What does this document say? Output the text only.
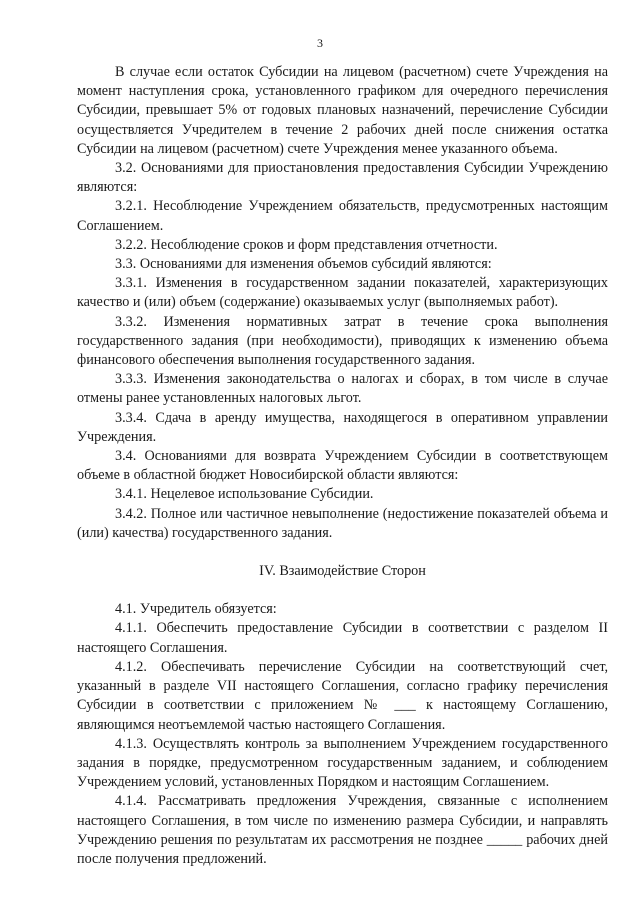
3

В случае если остаток Субсидии на лицевом (расчетном) счете Учреждения на момент наступления срока, установленного графиком для очередного перечисления Субсидии, превышает 5% от годовых плановых назначений, перечисление Субсидии осуществляется Учредителем в течение 2 рабочих дней после снижения остатка Субсидии на лицевом (расчетном) счете Учреждения менее указанного объема.

3.2. Основаниями для приостановления предоставления Субсидии Учреждению являются:

3.2.1. Несоблюдение Учреждением обязательств, предусмотренных настоящим Соглашением.

3.2.2. Несоблюдение сроков и форм представления отчетности.

3.3. Основаниями для изменения объемов субсидий являются:

3.3.1. Изменения в государственном задании показателей, характеризующих качество и (или) объем (содержание) оказываемых услуг (выполняемых работ).

3.3.2. Изменения нормативных затрат в течение срока выполнения государственного задания (при необходимости), приводящих к изменению объема финансового обеспечения выполнения государственного задания.

3.3.3. Изменения законодательства о налогах и сборах, в том числе в случае отмены ранее установленных налоговых льгот.

3.3.4. Сдача в аренду имущества, находящегося в оперативном управлении Учреждения.

3.4. Основаниями для возврата Учреждением Субсидии в соответствующем объеме в областной бюджет Новосибирской области являются:

3.4.1. Нецелевое использование Субсидии.

3.4.2. Полное или частичное невыполнение (недостижение показателей объема и (или) качества) государственного задания.

IV. Взаимодействие Сторон

4.1. Учредитель обязуется:

4.1.1. Обеспечить предоставление Субсидии в соответствии с разделом II настоящего Соглашения.

4.1.2. Обеспечивать перечисление Субсидии на соответствующий счет, указанный в разделе VII настоящего Соглашения, согласно графику перечисления Субсидии в соответствии с приложением № ___ к настоящему Соглашению, являющимся неотъемлемой частью настоящего Соглашения.

4.1.3. Осуществлять контроль за выполнением Учреждением государственного задания в порядке, предусмотренном государственным заданием, и соблюдением Учреждением условий, установленных Порядком и настоящим Соглашением.

4.1.4. Рассматривать предложения Учреждения, связанные с исполнением настоящего Соглашения, в том числе по изменению размера Субсидии, и направлять Учреждению решения по результатам их рассмотрения не позднее _____ рабочих дней после получения предложений.
